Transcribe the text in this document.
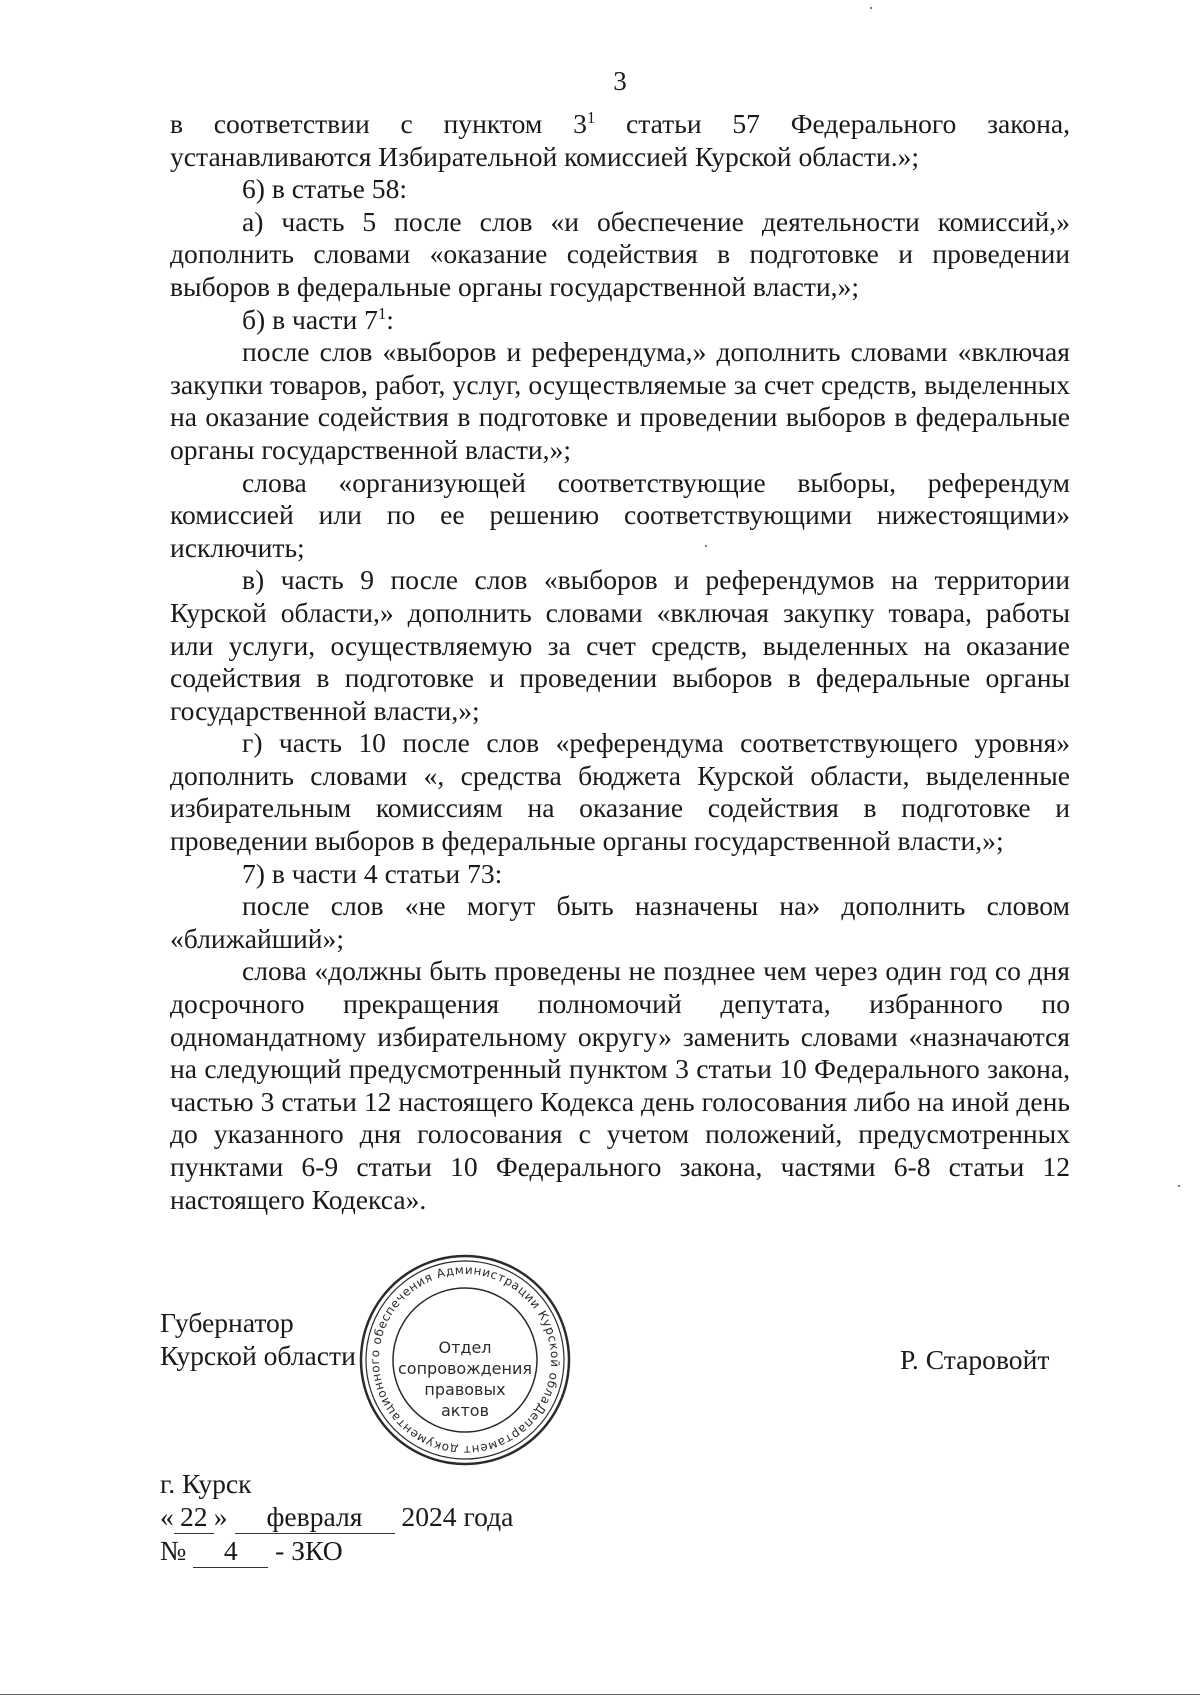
3

в соответствии с пунктом $3^1$ статьи 57 Федерального закона, устанавливаются Избирательной комиссией Курской области.»;

6) в статье 58:

а) часть 5 после слов «и обеспечение деятельности комиссий,» дополнить словами «оказание содействия в подготовке и проведении выборов в федеральные органы государственной власти,»;

б) в части $7^1$:

после слов «выборов и референдума,» дополнить словами «включая закупки товаров, работ, услуг, осуществляемые за счет средств, выделенных на оказание содействия в подготовке и проведении выборов в федеральные органы государственной власти,»;

слова «организующей соответствующие выборы, референдум комиссией или по ее решению соответствующими нижестоящими» исключить;

в) часть 9 после слов «выборов и референдумов на территории Курской области,» дополнить словами «включая закупку товара, работы или услуги, осуществляемую за счет средств, выделенных на оказание содействия в подготовке и проведении выборов в федеральные органы государственной власти,»;

г) часть 10 после слов «референдума соответствующего уровня» дополнить словами «, средства бюджета Курской области, выделенные избирательным комиссиям на оказание содействия в подготовке и проведении выборов в федеральные органы государственной власти,»;

7) в части 4 статьи 73:

после слов «не могут быть назначены на» дополнить словом «ближайший»;

слова «должны быть проведены не позднее чем через один год со дня досрочного прекращения полномочий депутата, избранного по одномандатному избирательному округу» заменить словами «назначаются на следующий предусмотренный пунктом 3 статьи 10 Федерального закона, частью 3 статьи 12 настоящего Кодекса день голосования либо на иной день до указанного дня голосования с учетом положений, предусмотренных пунктами 6-9 статьи 10 Федерального закона, частями 6-8 статьи 12 настоящего Кодекса».

Губернатор
Курской области
Департамент документационного обеспечения Администрации Курской области
Отдел
сопровождения
правовых
актов
Р. Старовойт
г. Курск
« 22 » февраля 2024 года
№ 4 - ЗКО
